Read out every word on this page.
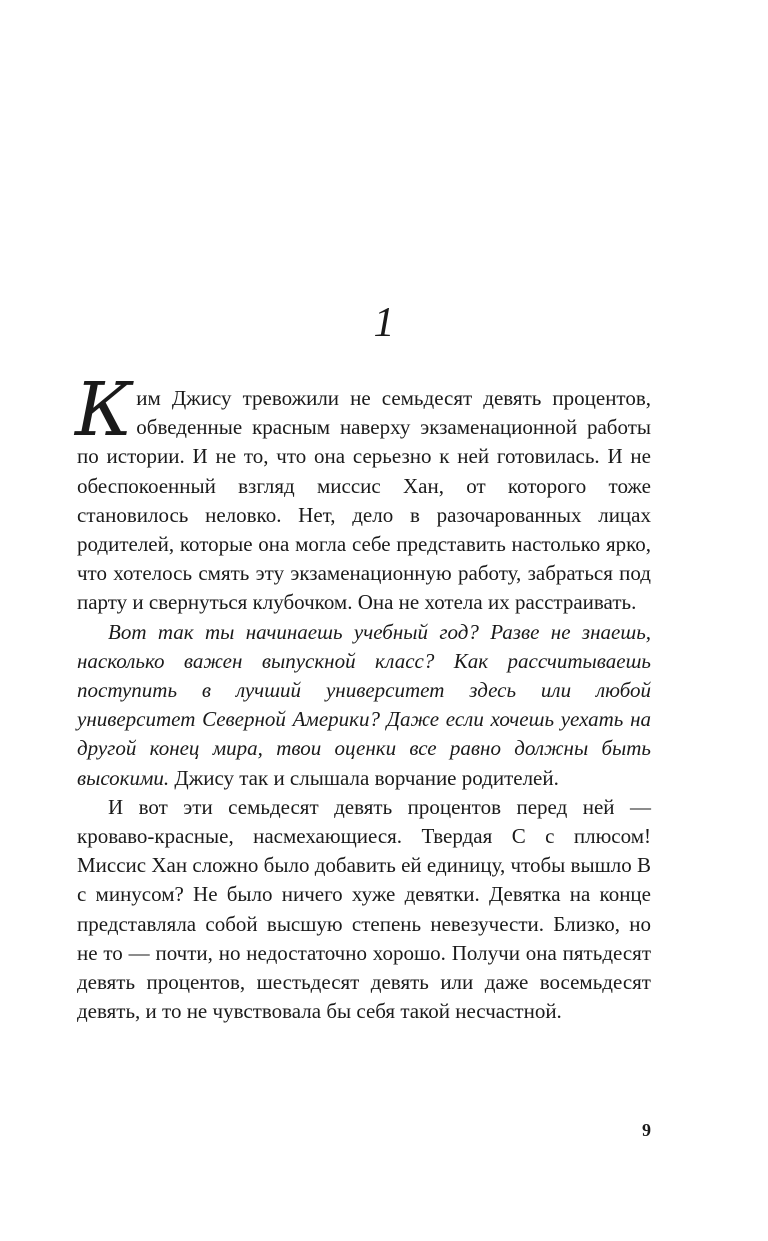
1

Ким Джису тревожили не семьдесят девять процентов, обведенные красным наверху экзаменационной работы по истории. И не то, что она серьезно к ней готовилась. И не обеспокоенный взгляд миссис Хан, от которого тоже становилось неловко. Нет, дело в разочарованных лицах родителей, которые она могла себе представить настолько ярко, что хотелось смять эту экзаменационную работу, забраться под парту и свернуться клубочком. Она не хотела их расстраивать.

Вот так ты начинаешь учебный год? Разве не знаешь, насколько важен выпускной класс? Как рассчитываешь поступить в лучший университет здесь или любой университет Северной Америки? Даже если хочешь уехать на другой конец мира, твои оценки все равно должны быть высокими. Джису так и слышала ворчание родителей.

И вот эти семьдесят девять процентов перед ней — кроваво-красные, насмехающиеся. Твердая С с плюсом! Миссис Хан сложно было добавить ей единицу, чтобы вышло В с минусом? Не было ничего хуже девятки. Девятка на конце представляла собой высшую степень невезучести. Близко, но не то — почти, но недостаточно хорошо. Получи она пятьдесят девять процентов, шестьдесят девять или даже восемьдесят девять, и то не чувствовала бы себя такой несчастной.

9
